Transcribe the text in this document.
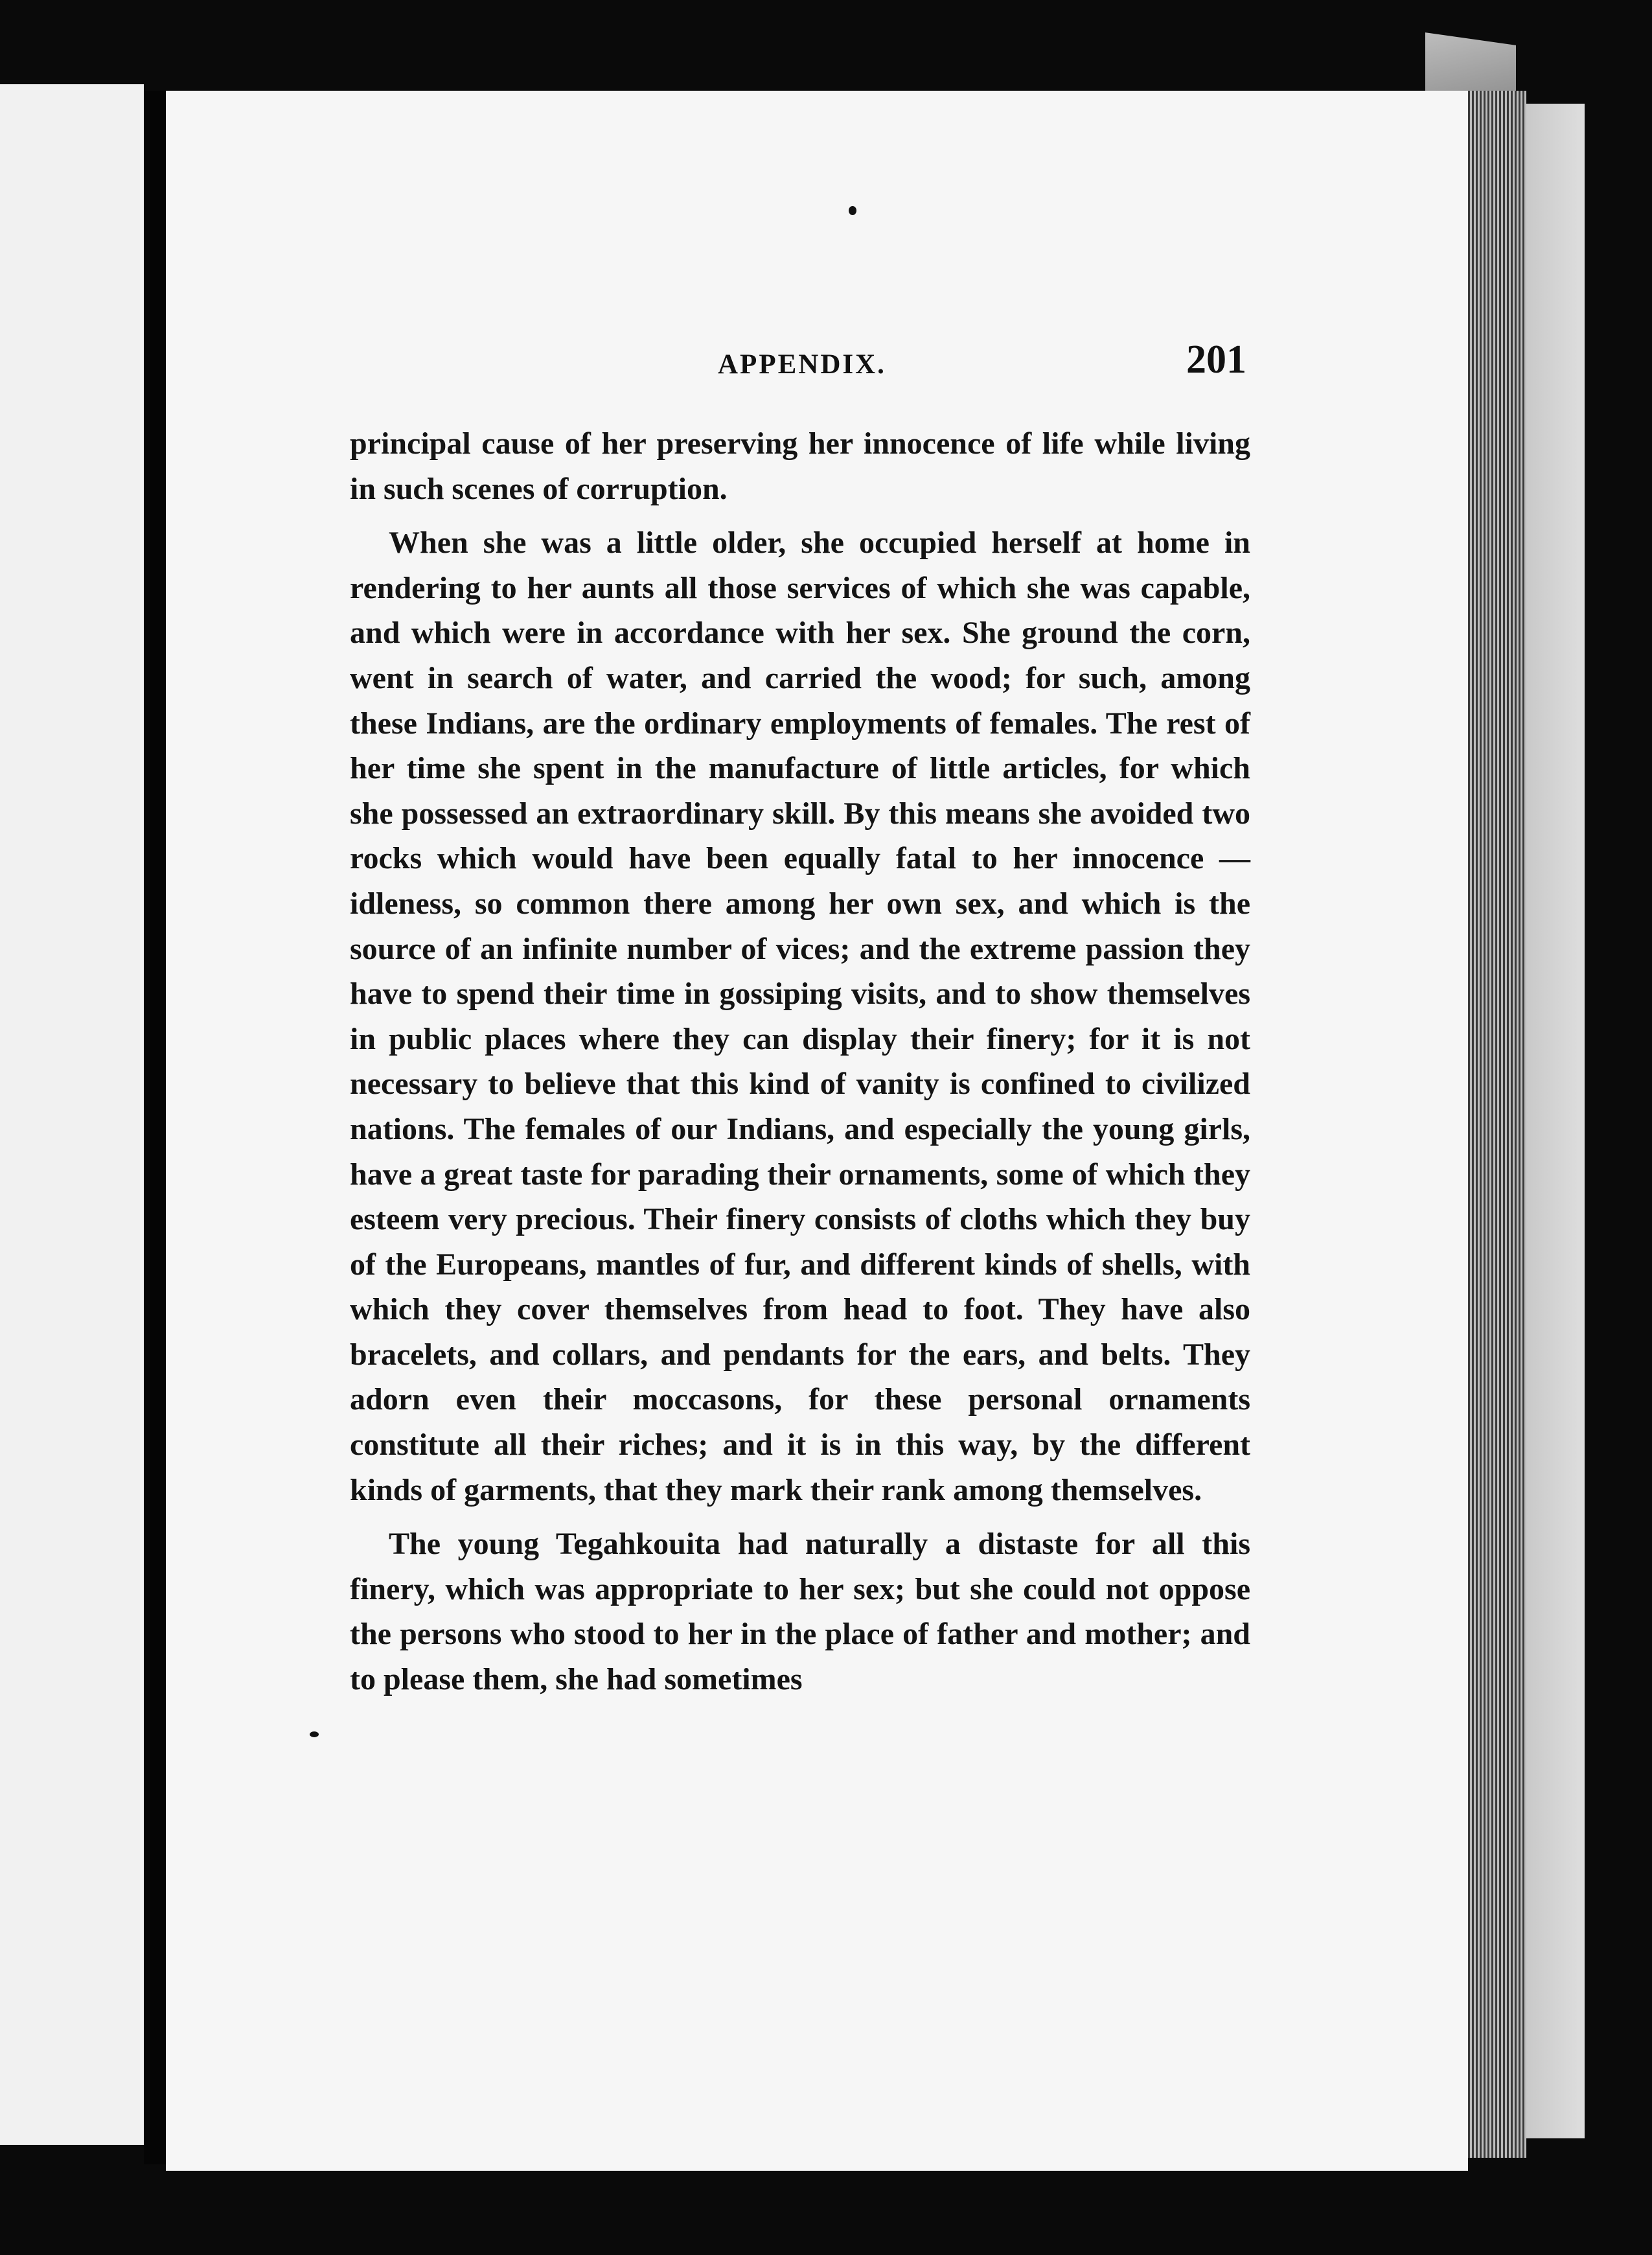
APPENDIX.	201

principal cause of her preserving her innocence of life while living in such scenes of corruption.

When she was a little older, she occupied herself at home in rendering to her aunts all those services of which she was capable, and which were in accordance with her sex. She ground the corn, went in search of water, and carried the wood; for such, among these Indians, are the ordinary employments of females. The rest of her time she spent in the manufacture of little articles, for which she possessed an extraordinary skill. By this means she avoided two rocks which would have been equally fatal to her innocence — idleness, so common there among her own sex, and which is the source of an infinite number of vices; and the extreme passion they have to spend their time in gossiping visits, and to show themselves in public places where they can display their finery; for it is not necessary to believe that this kind of vanity is confined to civilized nations. The females of our Indians, and especially the young girls, have a great taste for parading their ornaments, some of which they esteem very precious. Their finery consists of cloths which they buy of the Europeans, mantles of fur, and different kinds of shells, with which they cover themselves from head to foot. They have also bracelets, and collars, and pendants for the ears, and belts. They adorn even their moccasons, for these personal ornaments constitute all their riches; and it is in this way, by the different kinds of garments, that they mark their rank among themselves.

The young Tegahkouita had naturally a distaste for all this finery, which was appropriate to her sex; but she could not oppose the persons who stood to her in the place of father and mother; and to please them, she had sometimes
